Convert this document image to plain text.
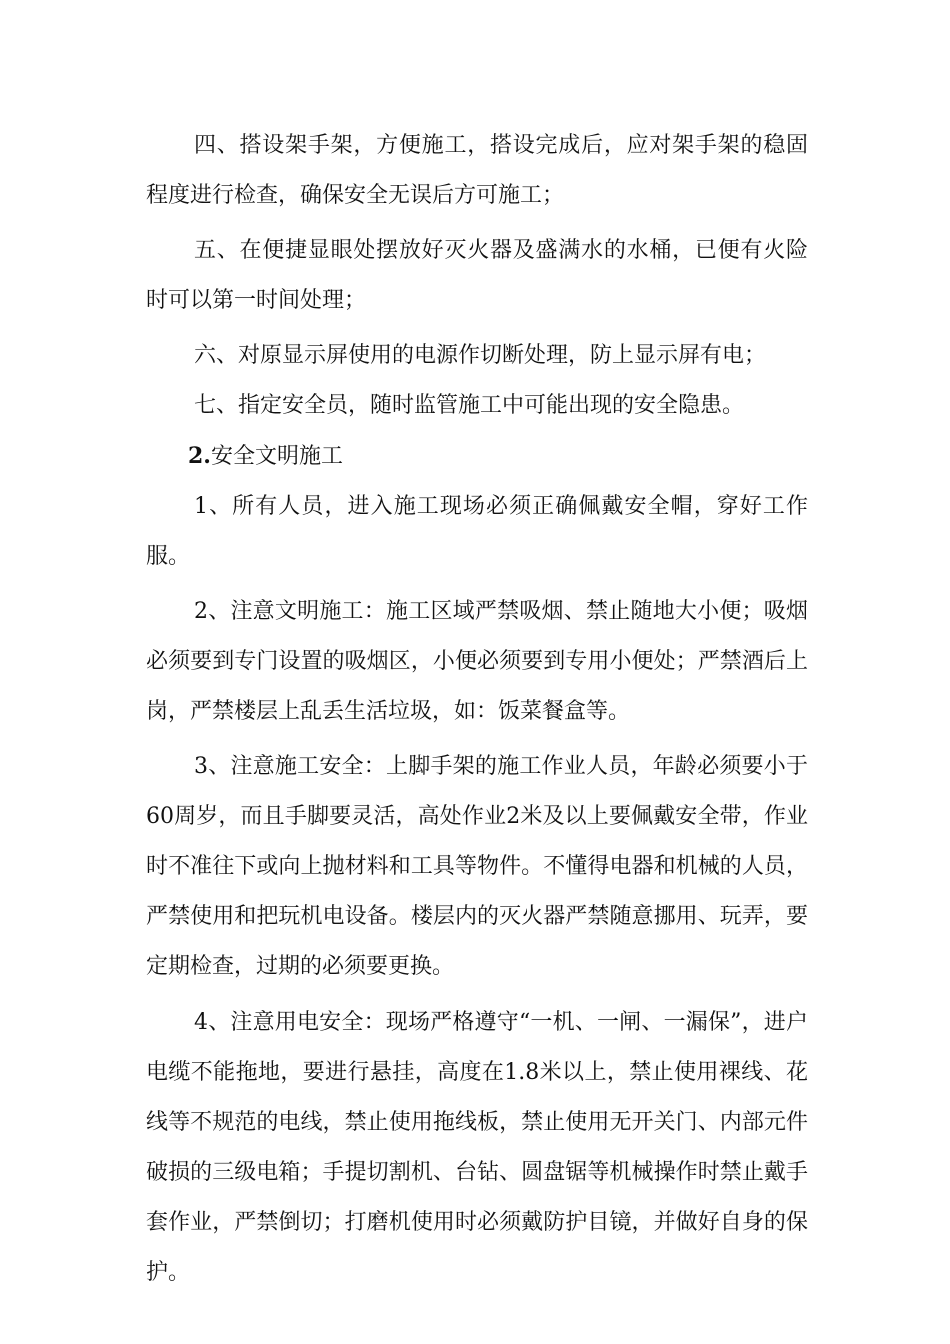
四、搭设架手架，方便施工，搭设完成后，应对架手架的稳固程度进行检查，确保安全无误后方可施工；

五、在便捷显眼处摆放好灭火器及盛满水的水桶，已便有火险时可以第一时间处理；

六、对原显示屏使用的电源作切断处理，防上显示屏有电；

七、指定安全员，随时监管施工中可能出现的安全隐患。

2.安全文明施工

1、所有人员，进入施工现场必须正确佩戴安全帽，穿好工作服。

2、注意文明施工：施工区域严禁吸烟、禁止随地大小便；吸烟必须要到专门设置的吸烟区，小便必须要到专用小便处；严禁酒后上岗，严禁楼层上乱丢生活垃圾，如：饭菜餐盒等。

3、注意施工安全：上脚手架的施工作业人员，年龄必须要小于60周岁，而且手脚要灵活，高处作业2米及以上要佩戴安全带，作业时不准往下或向上抛材料和工具等物件。不懂得电器和机械的人员，严禁使用和把玩机电设备。楼层内的灭火器严禁随意挪用、玩弄，要定期检查，过期的必须要更换。

4、注意用电安全：现场严格遵守“一机、一闸、一漏保”，进户电缆不能拖地，要进行悬挂，高度在1.8米以上，禁止使用裸线、花线等不规范的电线，禁止使用拖线板，禁止使用无开关门、内部元件破损的三级电箱；手提切割机、台钻、圆盘锯等机械操作时禁止戴手套作业，严禁倒切；打磨机使用时必须戴防护目镜，并做好自身的保护。
